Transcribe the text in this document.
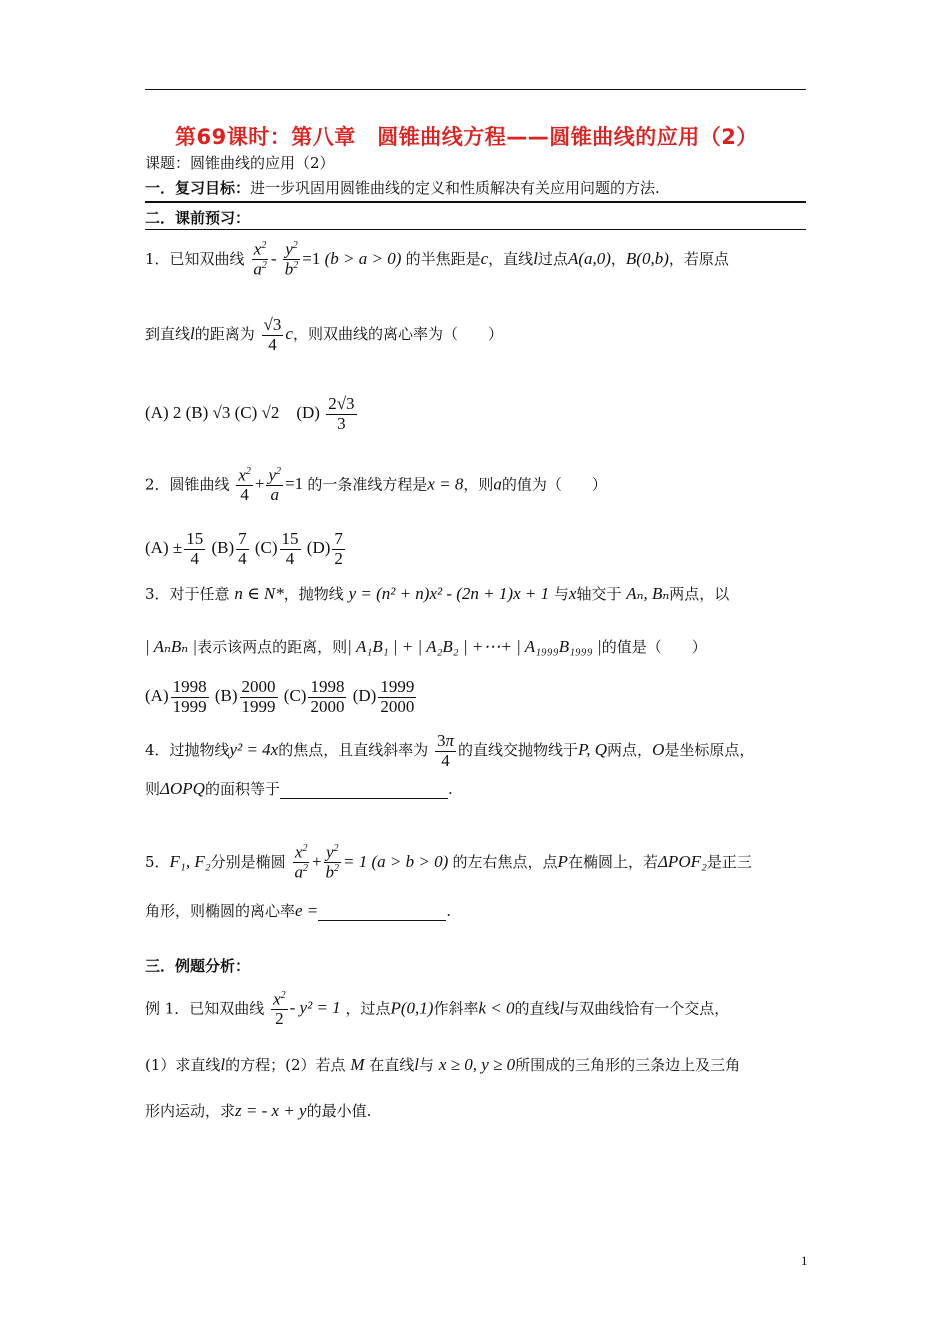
第69课时：第八章　圆锥曲线方程——圆锥曲线的应用（2）
课题：圆锥曲线的应用（2）
一．复习目标：进一步巩固用圆锥曲线的定义和性质解决有关应用问题的方法.
二．课前预习：
1．已知双曲线 $\frac{x^2}{a^2} - \frac{y^2}{b^2} =1$ (b > a > 0) 的半焦距是c，直线l过点A(a,0)，B(0,b)，若原点
到直线l的距离为 $\frac{√3}{4}$ c，则双曲线的离心率为（　　）
(A) 2 (B) √3 (C) √2　$(D) \frac{2√3}{3}$
2．圆锥曲线 $\frac{x^2}{4} + \frac{y^2}{a} =1$ 的一条准线方程是x = 8，则a的值为（　　）
$(A) \pm \frac{15}{4} (B) \frac{7}{4} (C) \frac{15}{4} (D) \frac{7}{2}$
3．对于任意 n ∈ N*，抛物线 y = (n² + n)x² - (2n + 1)x + 1 与x轴交于 Aₙ, Bₙ两点，以
| AₙBₙ |表示该两点的距离，则| A₁B₁ | + | A₂B₂ | +⋯+ | A₁₉₉₉B₁₉₉₉ |的值是（　　）
$(A) \frac{1998}{1999} (B) \frac{2000}{1999} (C) \frac{1998}{2000} (D) \frac{1999}{2000}$
4．过抛物线y² = 4x的焦点，且直线斜率为 $\frac{3\pi}{4}$ 的直线交抛物线于P, Q两点，O是坐标原点，
则ΔOPQ的面积等于	.
5．F₁, F₂分别是椭圆 $\frac{x^2}{a^2} + \frac{y^2}{b^2} = 1$ (a > b > 0) 的左右焦点，点P在椭圆上，若ΔPOF₂是正三
角形，则椭圆的离心率e =	.
三．例题分析：
例 1．已知双曲线 $\frac{x^2}{2} - y^2 = 1$ ，过点P(0,1)作斜率k < 0的直线l与双曲线恰有一个交点，
(1）求直线l的方程；(2）若点 M 在直线l与 x ≥ 0, y ≥ 0所围成的三角形的三条边上及三角
形内运动，求z = - x + y的最小值.
1
